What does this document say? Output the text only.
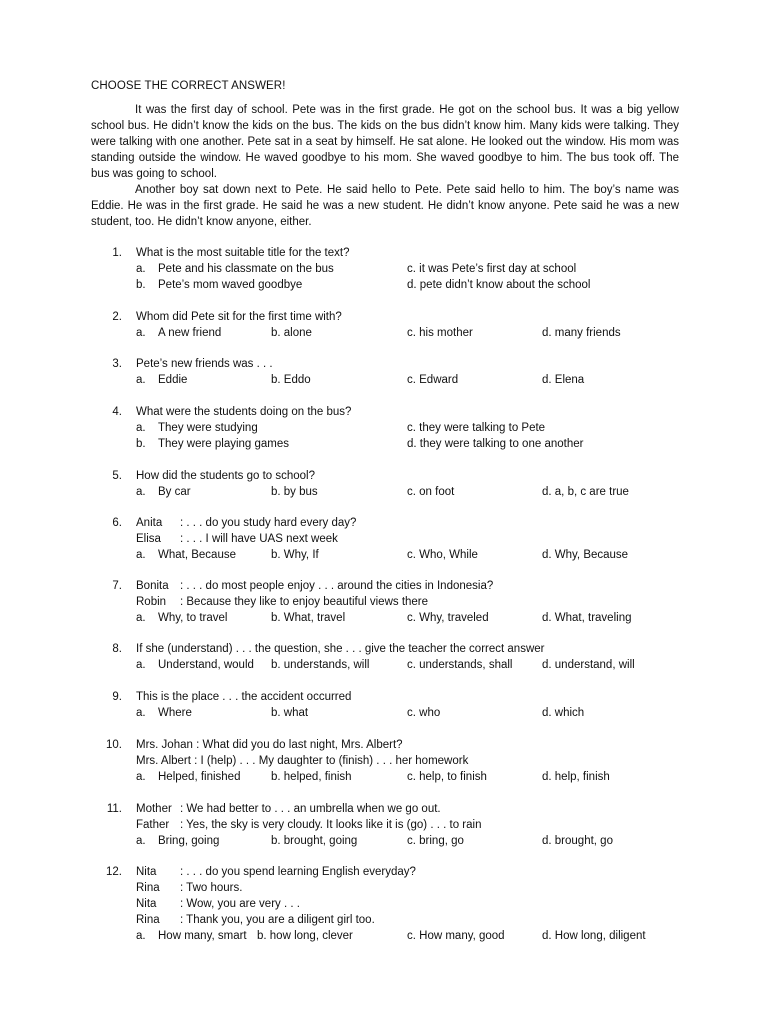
CHOOSE THE CORRECT ANSWER!

It was the first day of school. Pete was in the first grade. He got on the school bus. It was a big yellow school bus. He didn’t know the kids on the bus. The kids on the bus didn’t know him. Many kids were talking. They were talking with one another. Pete sat in a seat by himself. He sat alone. He looked out the window. His mom was standing outside the window. He waved goodbye to his mom. She waved goodbye to him. The bus took off. The bus was going to school.

Another boy sat down next to Pete. He said hello to Pete. Pete said hello to him. The boy’s name was Eddie. He was in the first grade. He said he was a new student. He didn’t know anyone. Pete said he was a new student, too. He didn’t know anyone, either.

1. What is the most suitable title for the text?
a. Pete and his classmate on the bus	c. it was Pete’s first day at school
b. Pete’s mom waved goodbye	d. pete didn’t know about the school
2. Whom did Pete sit for the first time with?
a. A new friend	b. alone	c. his mother	d. many friends
3. Pete’s new friends was . . .
a. Eddie	b. Eddo	c. Edward	d. Elena
4. What were the students doing on the bus?
a. They were studying	c. they were talking to Pete
b. They were playing games	d. they were talking to one another
5. How did the students go to school?
a. By car	b. by bus	c. on foot	d. a, b, c are true
6. Anita : . . . do you study hard every day?
Elisa : . . . I will have UAS next week
a. What, Because	b. Why, If	c. Who, While	d. Why, Because
7. Bonita : . . . do most people enjoy . . . around the cities in Indonesia?
Robin : Because they like to enjoy beautiful views there
a. Why, to travel	b. What, travel	c. Why, traveled	d. What, traveling
8. If she (understand) . . . the question, she . . . give the teacher the correct answer
a. Understand, would b. understands, will	c. understands, shall	d. understand, will
9. This is the place . . . the accident occurred
a. Where	b. what	c. who	d. which
10. Mrs. Johan : What did you do last night, Mrs. Albert?
Mrs. Albert : I (help) . . . My daughter to (finish) . . . her homework
a. Helped, finished	b. helped, finish	c. help, to finish	d. help, finish
11. Mother : We had better to . . . an umbrella when we go out.
Father : Yes, the sky is very cloudy. It looks like it is (go) . . . to rain
a. Bring, going	b. brought, going	c. bring, go	d. brought, go
12. Nita : . . . do you spend learning English everyday?
Rina : Two hours.
Nita : Wow, you are very . . .
Rina : Thank you, you are a diligent girl too.
a. How many, smart b. how long, clever	c. How many, good	d. How long, diligent
